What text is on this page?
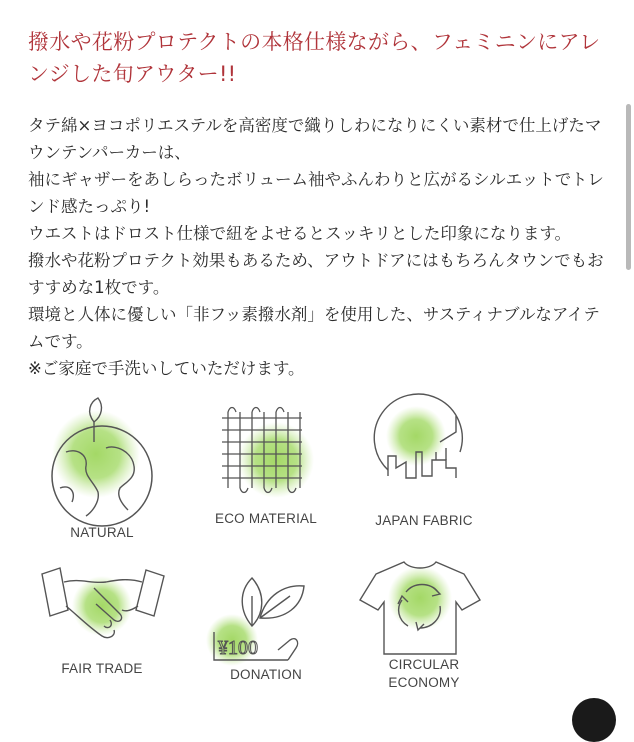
撥水や花粉プロテクトの本格仕様ながら、フェミニンにアレンジした旬アウター!!

タテ綿×ヨコポリエステルを高密度で織りしわになりにくい素材で仕上げたマウンテンパーカーは、

袖にギャザーをあしらったボリューム袖やふんわりと広がるシルエットでトレンド感たっぷり!

ウエストはドロスト仕様で紐をよせるとスッキリとした印象になります。

撥水や花粉プロテクト効果もあるため、アウトドアにはもちろんタウンでもおすすめな1枚です。

環境と人体に優しい「非フッ素撥水剤」を使用した、サスティナブルなアイテムです。

※ご家庭で手洗いしていただけます。

NATURAL
ECO MATERIAL	JAPAN FABRIC
FAIR TRADE
¥100
DONATION
CIRCULAR
ECONOMY
